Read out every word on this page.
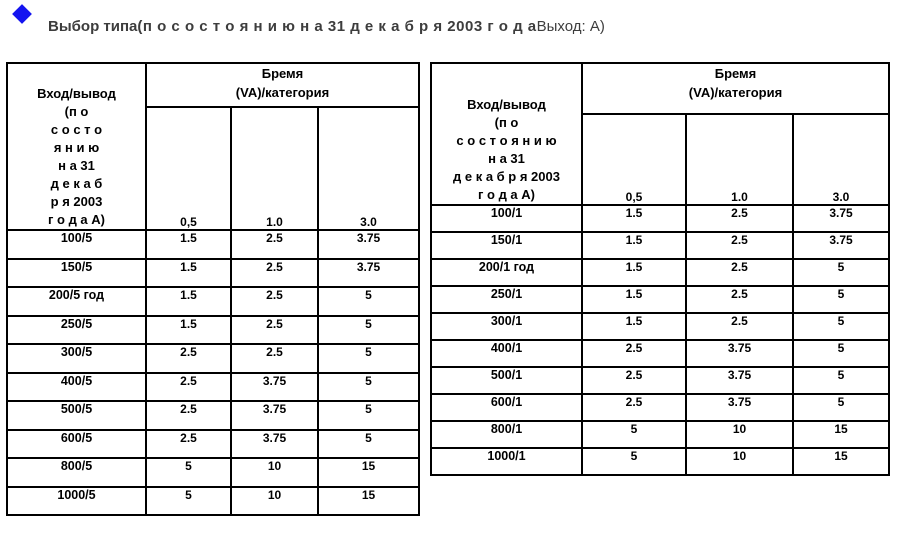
Выбор типа(п о с о с т о я н и ю н а 31 д е к а б р я 2003 г о д аВыход: А)
Вход/вывод
(п о
с о с т о
я н и ю
н а 31
д е к а б
р я 2003
г о д а А)	Бремя
(VA)/категория
	0,5	1.0	3.0
100/5	1.5	2.5	3.75
150/5	1.5	2.5	3.75
200/5 год	1.5	2.5	5
250/5	1.5	2.5	5
300/5	2.5	2.5	5
400/5	2.5	3.75	5
500/5	2.5	3.75	5
600/5	2.5	3.75	5
800/5	5	10	15
1000/5	5	10	15
Вход/вывод
(п о
с о с т о я н и ю
н а 31
д е к а б р я 2003
г о д а А)	Бремя
(VA)/категория
	0,5	1.0	3.0
100/1	1.5	2.5	3.75
150/1	1.5	2.5	3.75
200/1 год	1.5	2.5	5
250/1	1.5	2.5	5
300/1	1.5	2.5	5
400/1	2.5	3.75	5
500/1	2.5	3.75	5
600/1	2.5	3.75	5
800/1	5	10	15
1000/1	5	10	15
